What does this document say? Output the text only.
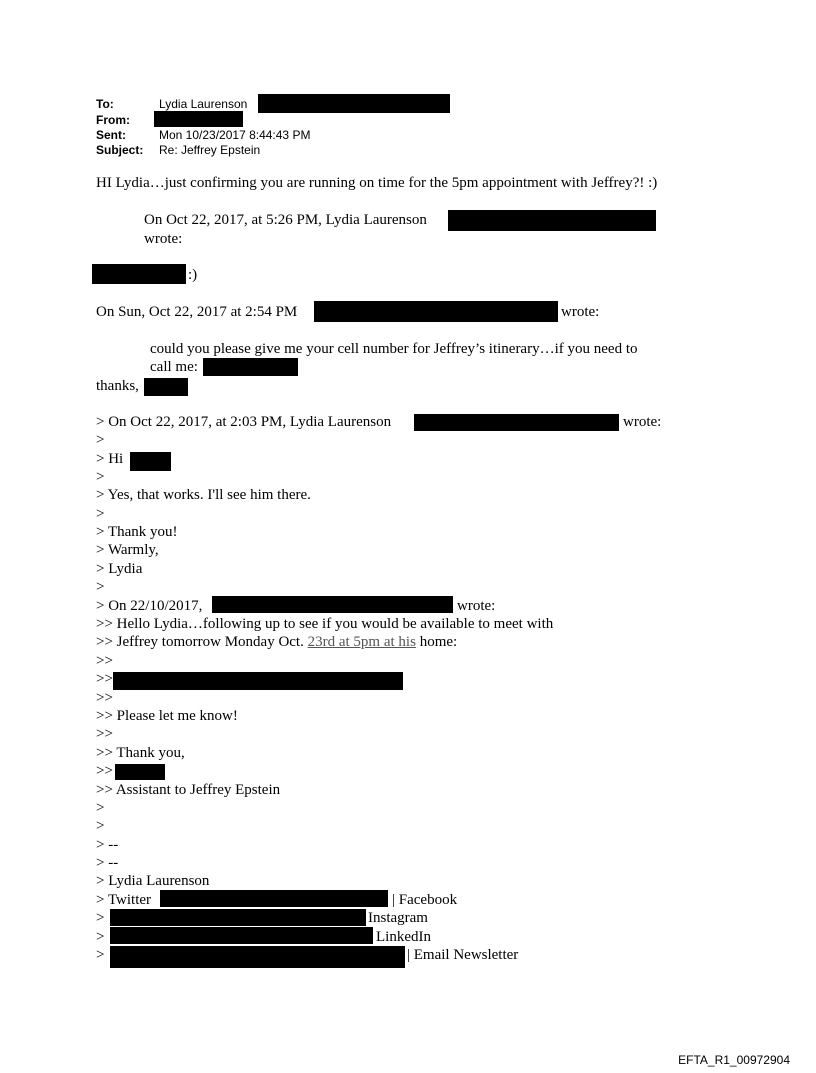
To:	Lydia Laurenson
From:
Sent:	Mon 10/23/2017 8:44:43 PM
Subject: Re: Jeffrey Epstein
HI Lydia…just confirming you are running on time for the 5pm appointment with Jeffrey?! :)
On Oct 22, 2017, at 5:26 PM, Lydia Laurenson
wrote:
:)
On Sun, Oct 22, 2017 at 2:54 PM	wrote:
could you please give me your cell number for Jeffrey’s itinerary…if you need to
call me:
thanks,
> On Oct 22, 2017, at 2:03 PM, Lydia Laurenson	wrote:
>
> Hi
>
> Yes, that works. I'll see him there.
>
> Thank you!
> Warmly,
> Lydia
>
> On 22/10/2017,	wrote:
>> Hello Lydia…following up to see if you would be available to meet with
>> Jeffrey tomorrow Monday Oct. 23rd at 5pm at his home:
>>
>>
>>
>> Please let me know!
>>
>> Thank you,
>>
>> Assistant to Jeffrey Epstein
>
>
> --
> --
> Lydia Laurenson
> Twitter	| Facebook
>	Instagram
>	LinkedIn
>	| Email Newsletter
EFTA_R1_00972904
